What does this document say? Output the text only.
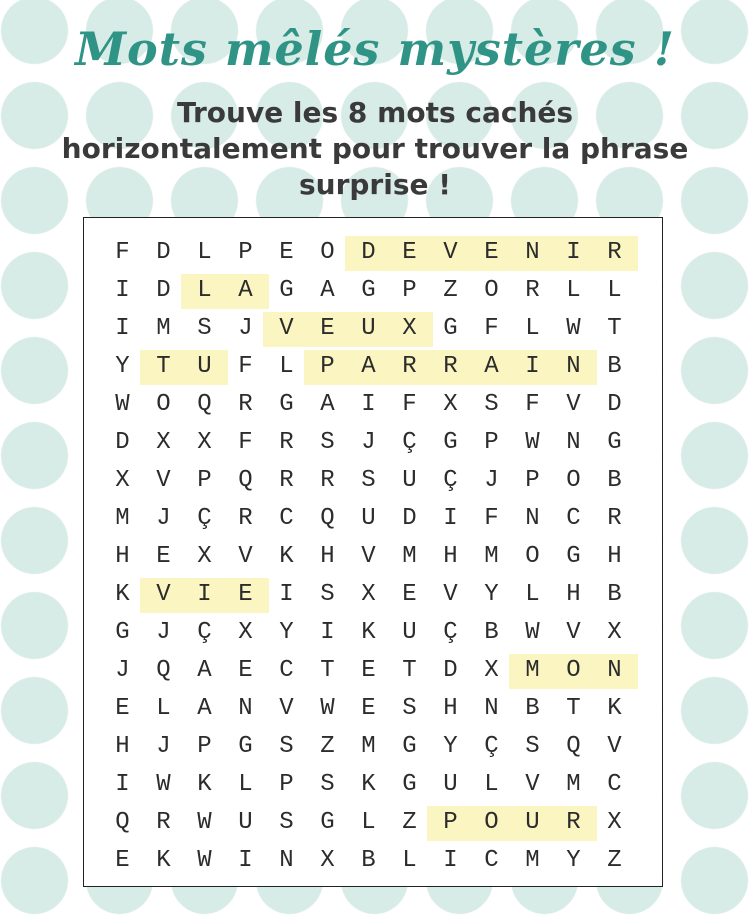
Mots mêlés mystères !
Trouve les 8 mots cachés horizontalement pour trouver la phrase surprise !
F	D	L	P	E	O	D	E	V	E	N	I	R
I	D	L	A	G	A	G	P	Z	O	R	L	L
I	M	S	J	V	E	U	X	G	F	L	W	T
Y	T	U	F	L	P	A	R	R	A	I	N	B
W	O	Q	R	G	A	I	F	X	S	F	V	D
D	X	X	F	R	S	J	Ç	G	P	W	N	G
X	V	P	Q	R	R	S	U	Ç	J	P	O	B
M	J	Ç	R	C	Q	U	D	I	F	N	C	R
H	E	X	V	K	H	V	M	H	M	O	G	H
K	V	I	E	I	S	X	E	V	Y	L	H	B
G	J	Ç	X	Y	I	K	U	Ç	B	W	V	X
J	Q	A	E	C	T	E	T	D	X	M	O	N
E	L	A	N	V	W	E	S	H	N	B	T	K
H	J	P	G	S	Z	M	G	Y	Ç	S	Q	V
I	W	K	L	P	S	K	G	U	L	V	M	C
Q	R	W	U	S	G	L	Z	P	O	U	R	X
E	K	W	I	N	X	B	L	I	C	M	Y	Z
